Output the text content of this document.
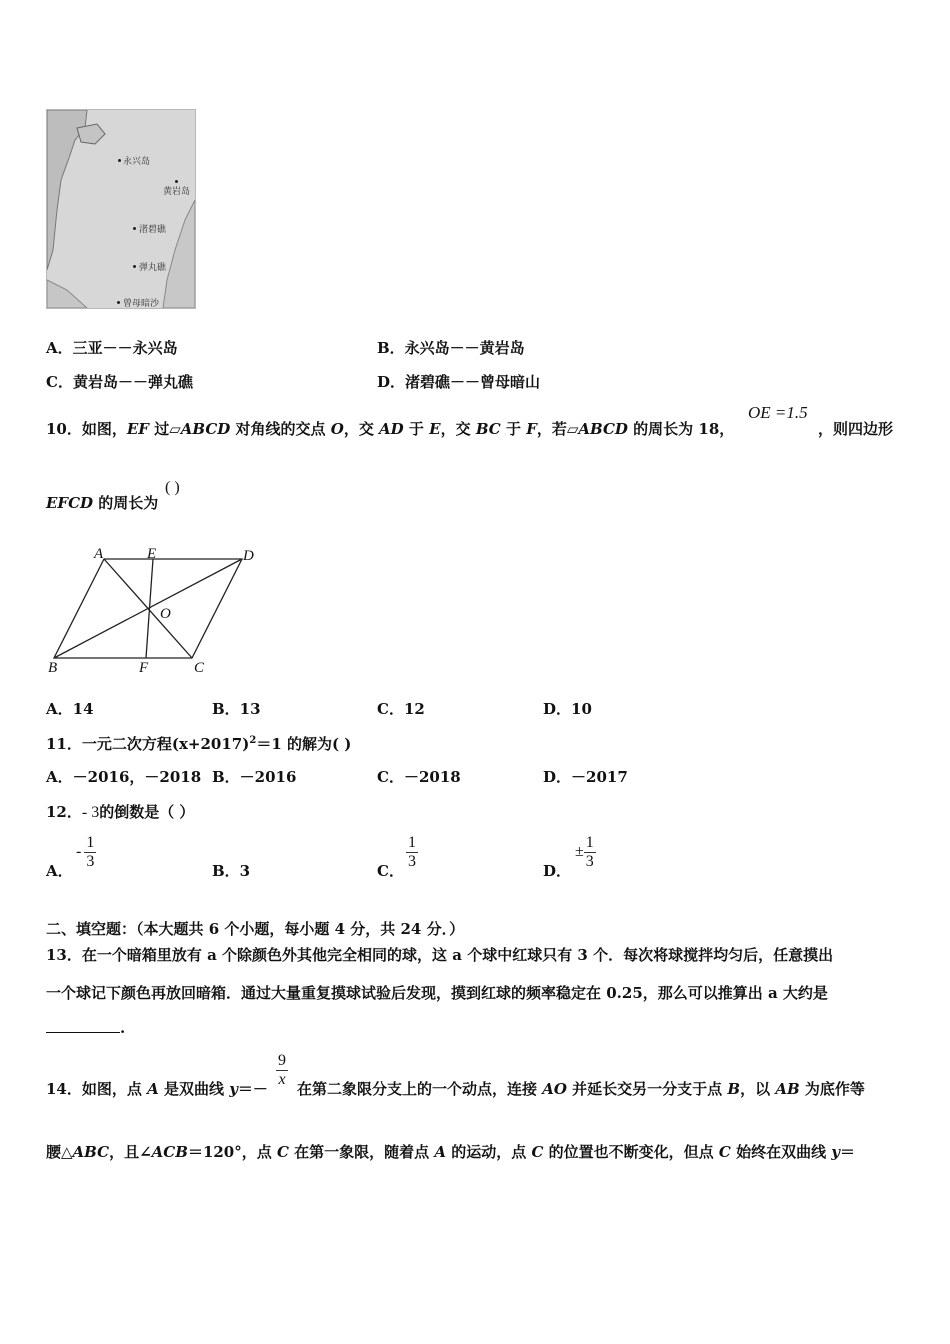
永兴岛
黄岩岛
渚碧礁
弹丸礁
曾母暗沙
A．三亚－－永兴岛	B．永兴岛－－黄岩岛
C．黄岩岛－－弹丸礁	D．渚碧礁－－曾母暗山
10．如图，EF 过▱ABCD 对角线的交点 O，交 AD 于 E，交 BC 于 F，若▱ABCD 的周长为 18，
OE =1.5
，则四边形
EFCD 的周长为
( )
A	E	D
O
B	F	C
A．14	B．13	C．12	D．10
11．一元二次方程$(x+2017)^2=1$ 的解为( )
A．－2016，－2018 B．－2016	C．－2018	D．－2017
12．- 3的倒数是（ ）
A．
- $\frac{1}{3}$
B．3	C．
$\frac{1}{3}$
D．
± $\frac{1}{3}$
二、填空题：（本大题共 6 个小题，每小题 4 分，共 24 分．）
13．在一个暗箱里放有 a 个除颜色外其他完全相同的球，这 a 个球中红球只有 3 个．每次将球搅拌均匀后，任意摸出
一个球记下颜色再放回暗箱．通过大量重复摸球试验后发现，摸到红球的频率稳定在 0.25，那么可以推算出 a 大约是
.
14．如图，点 A 是双曲线 y＝－
$\frac{9}{x}$
在第二象限分支上的一个动点，连接 AO 并延长交另一分支于点 B，以 AB 为底作等
腰△ABC，且∠ACB＝120°，点 C 在第一象限，随着点 A 的运动，点 C 的位置也不断变化，但点 C 始终在双曲线 y＝
